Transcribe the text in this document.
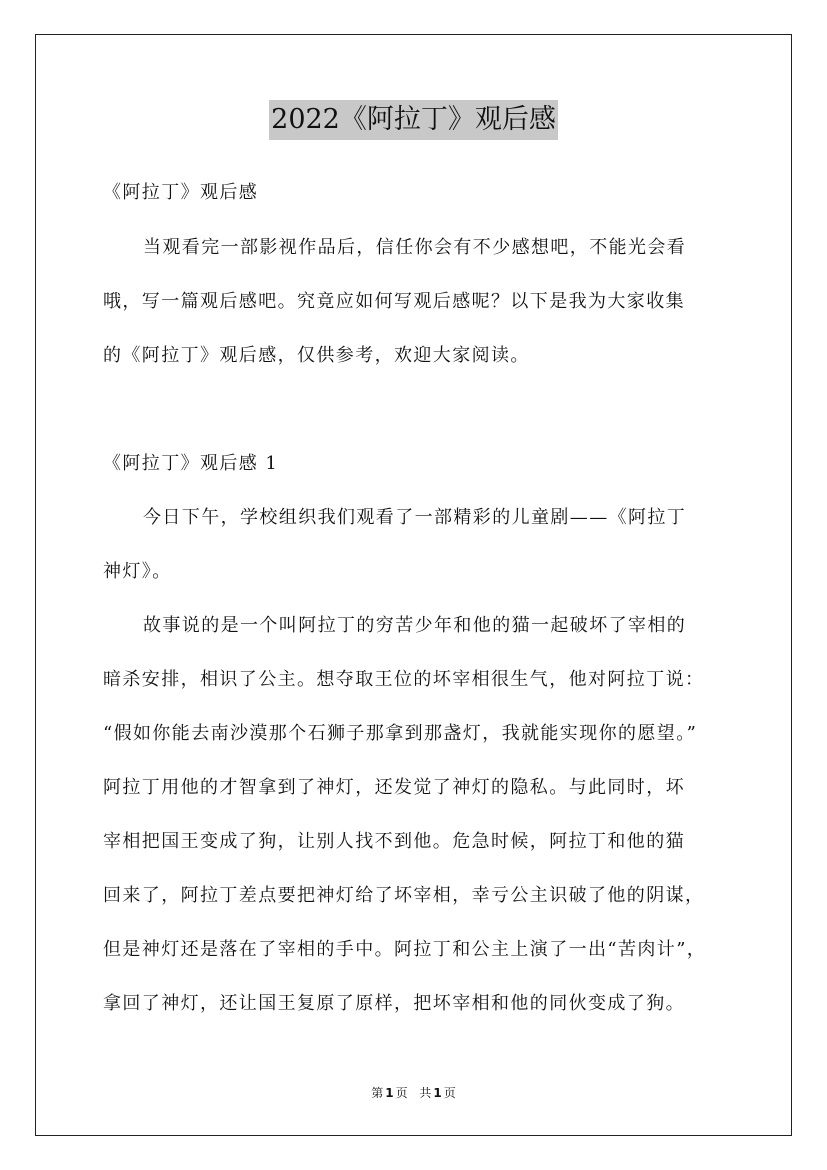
2022《阿拉丁》观后感
《阿拉丁》观后感
当观看完一部影视作品后，信任你会有不少感想吧，不能光会看
哦，写一篇观后感吧。究竟应如何写观后感呢？以下是我为大家收集
的《阿拉丁》观后感，仅供参考，欢迎大家阅读。
《阿拉丁》观后感 1
今日下午，学校组织我们观看了一部精彩的儿童剧——《阿拉丁
神灯》。
故事说的是一个叫阿拉丁的穷苦少年和他的猫一起破坏了宰相的
暗杀安排，相识了公主。想夺取王位的坏宰相很生气，他对阿拉丁说：
“假如你能去南沙漠那个石狮子那拿到那盏灯，我就能实现你的愿望。”
阿拉丁用他的才智拿到了神灯，还发觉了神灯的隐私。与此同时，坏
宰相把国王变成了狗，让别人找不到他。危急时候，阿拉丁和他的猫
回来了，阿拉丁差点要把神灯给了坏宰相，幸亏公主识破了他的阴谋，
但是神灯还是落在了宰相的手中。阿拉丁和公主上演了一出“苦肉计”，
拿回了神灯，还让国王复原了原样，把坏宰相和他的同伙变成了狗。
第 1 页 共 1 页
